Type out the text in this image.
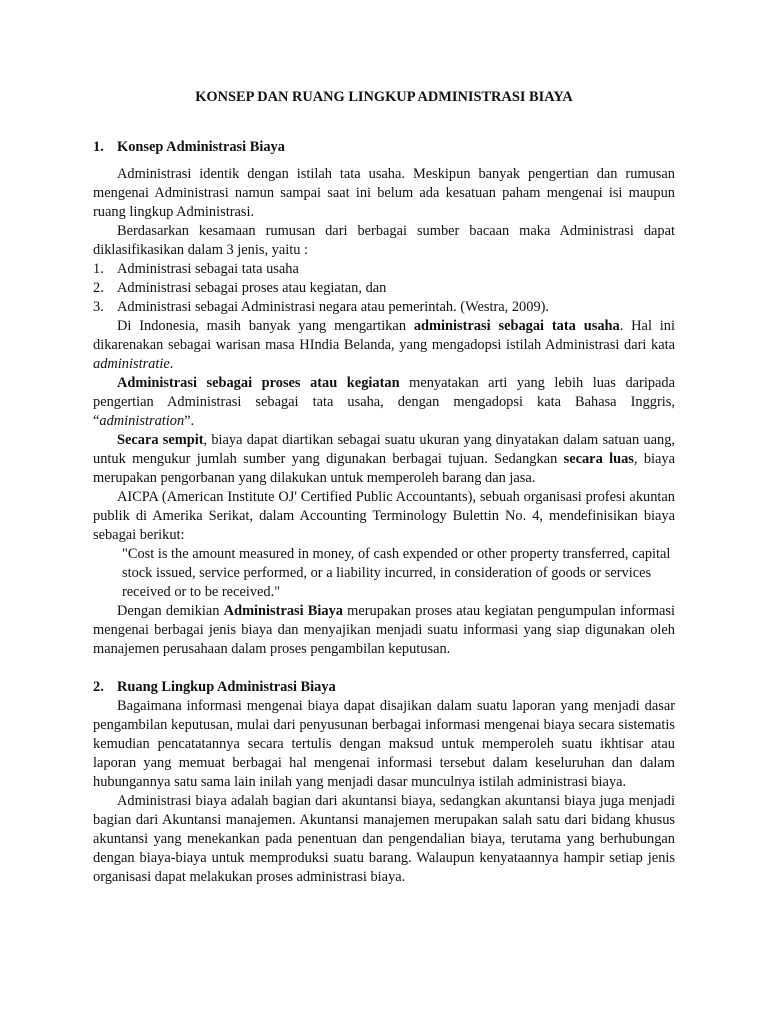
KONSEP DAN RUANG LINGKUP ADMINISTRASI BIAYA
1. Konsep Administrasi Biaya

Administrasi identik dengan istilah tata usaha. Meskipun banyak pengertian dan rumusan mengenai Administrasi namun sampai saat ini belum ada kesatuan paham mengenai isi maupun ruang lingkup Administrasi.

Berdasarkan kesamaan rumusan dari berbagai sumber bacaan maka Administrasi dapat diklasifikasikan dalam 3 jenis, yaitu :

1. Administrasi sebagai tata usaha
2. Administrasi sebagai proses atau kegiatan, dan
3. Administrasi sebagai Administrasi negara atau pemerintah. (Westra, 2009).

Di Indonesia, masih banyak yang mengartikan administrasi sebagai tata usaha. Hal ini dikarenakan sebagai warisan masa HIndia Belanda, yang mengadopsi istilah Administrasi dari kata administratie.

Administrasi sebagai proses atau kegiatan menyatakan arti yang lebih luas daripada pengertian Administrasi sebagai tata usaha, dengan mengadopsi kata Bahasa Inggris, “administration”.

Secara sempit, biaya dapat diartikan sebagai suatu ukuran yang dinyatakan dalam satuan uang, untuk mengukur jumlah sumber yang digunakan berbagai tujuan. Sedangkan secara luas, biaya merupakan pengorbanan yang dilakukan untuk memperoleh barang dan jasa.

AICPA (American Institute OJ' Certified Public Accountants), sebuah organisasi profesi akuntan publik di Amerika Serikat, dalam Accounting Terminology Bulettin No. 4, mendefinisikan biaya sebagai berikut:

"Cost is the amount measured in money, of cash expended or other property transferred, capital stock issued, service performed, or a liability incurred, in consideration of goods or services received or to be received."

Dengan demikian Administrasi Biaya merupakan proses atau kegiatan pengumpulan informasi mengenai berbagai jenis biaya dan menyajikan menjadi suatu informasi yang siap digunakan oleh manajemen perusahaan dalam proses pengambilan keputusan.

2. Ruang Lingkup Administrasi Biaya

Bagaimana informasi mengenai biaya dapat disajikan dalam suatu laporan yang menjadi dasar pengambilan keputusan, mulai dari penyusunan berbagai informasi mengenai biaya secara sistematis kemudian pencatatannya secara tertulis dengan maksud untuk memperoleh suatu ikhtisar atau laporan yang memuat berbagai hal mengenai informasi tersebut dalam keseluruhan dan dalam hubungannya satu sama lain inilah yang menjadi dasar munculnya istilah administrasi biaya.

Administrasi biaya adalah bagian dari akuntansi biaya, sedangkan akuntansi biaya juga menjadi bagian dari Akuntansi manajemen. Akuntansi manajemen merupakan salah satu dari bidang khusus akuntansi yang menekankan pada penentuan dan pengendalian biaya, terutama yang berhubungan dengan biaya-biaya untuk memproduksi suatu barang. Walaupun kenyataannya hampir setiap jenis organisasi dapat melakukan proses administrasi biaya.
